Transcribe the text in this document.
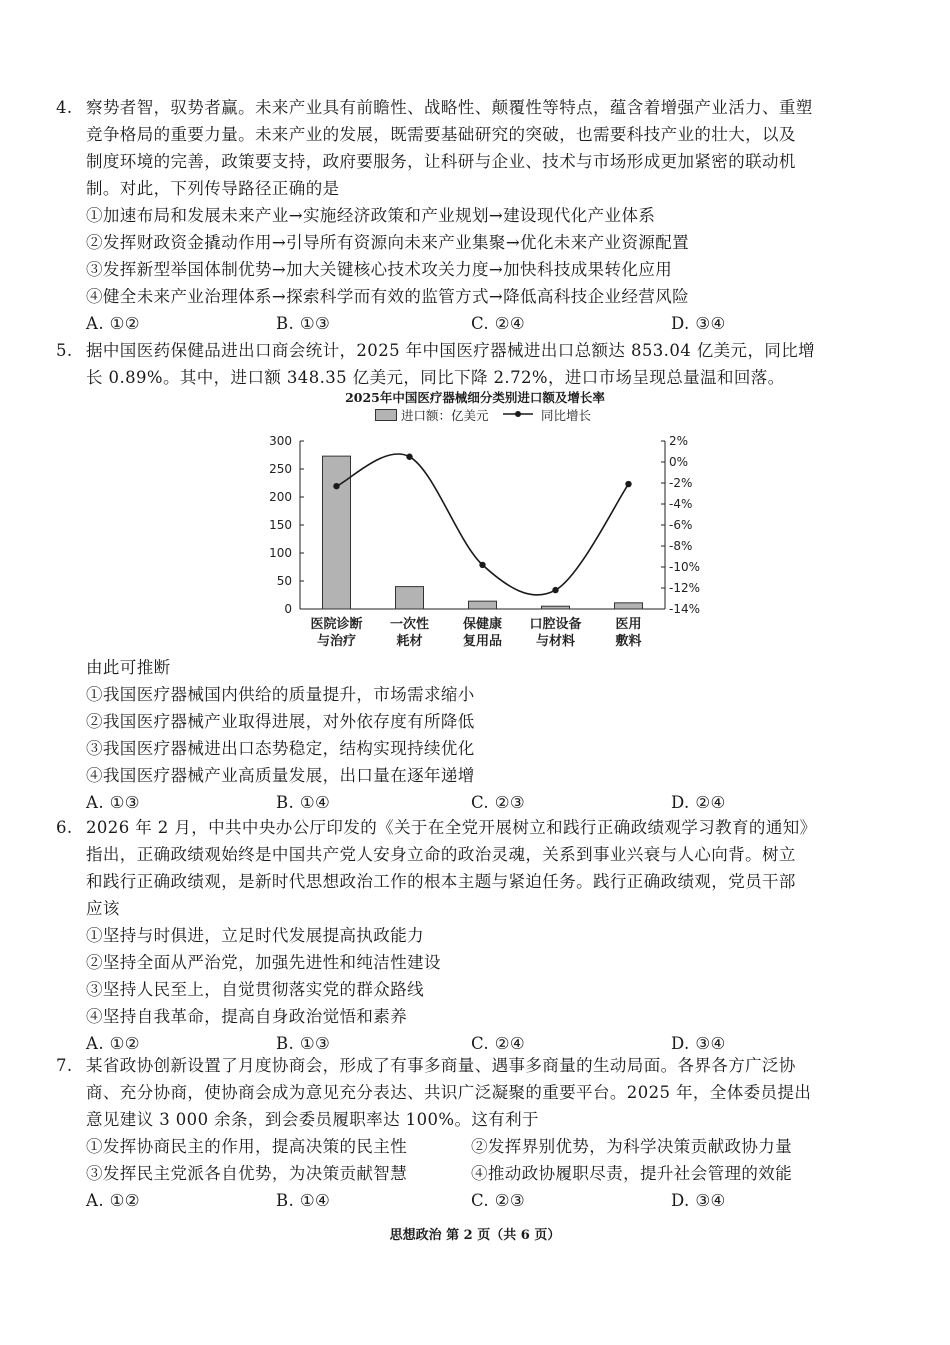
4. 察势者智，驭势者赢。未来产业具有前瞻性、战略性、颠覆性等特点，蕴含着增强产业活力、重塑
竞争格局的重要力量。未来产业的发展，既需要基础研究的突破，也需要科技产业的壮大，以及
制度环境的完善，政策要支持，政府要服务，让科研与企业、技术与市场形成更加紧密的联动机
制。对此，下列传导路径正确的是
①加速布局和发展未来产业→实施经济政策和产业规划→建设现代化产业体系
②发挥财政资金撬动作用→引导所有资源向未来产业集聚→优化未来产业资源配置
③发挥新型举国体制优势→加大关键核心技术攻关力度→加快科技成果转化应用
④健全未来产业治理体系→探索科学而有效的监管方式→降低高科技企业经营风险
A. ①②	B. ①③	C. ②④	D. ③④
5. 据中国医药保健品进出口商会统计，2025 年中国医疗器械进出口总额达 853.04 亿美元，同比增
长 0.89%。其中，进口额 348.35 亿美元，同比下降 2.72%，进口市场呈现总量温和回落。
2025年中国医疗器械细分类别进口额及增长率
进口额：亿美元	同比增长
300
250
200
150
100
50
0
2%
0%
-2%
-4%
-6%
-8%
-10%
-12%
-14%
医院诊断
与治疗
一次性
耗材
保健康
复用品
口腔设备
与材料
医用
敷料
由此可推断
①我国医疗器械国内供给的质量提升，市场需求缩小
②我国医疗器械产业取得进展，对外依存度有所降低
③我国医疗器械进出口态势稳定，结构实现持续优化
④我国医疗器械产业高质量发展，出口量在逐年递增
A. ①③	B. ①④	C. ②③	D. ②④
6. 2026 年 2 月，中共中央办公厅印发的《关于在全党开展树立和践行正确政绩观学习教育的通知》
指出，正确政绩观始终是中国共产党人安身立命的政治灵魂，关系到事业兴衰与人心向背。树立
和践行正确政绩观，是新时代思想政治工作的根本主题与紧迫任务。践行正确政绩观，党员干部
应该
①坚持与时俱进，立足时代发展提高执政能力
②坚持全面从严治党，加强先进性和纯洁性建设
③坚持人民至上，自觉贯彻落实党的群众路线
④坚持自我革命，提高自身政治觉悟和素养
A. ①②	B. ①③	C. ②④	D. ③④
7. 某省政协创新设置了月度协商会，形成了有事多商量、遇事多商量的生动局面。各界各方广泛协
商、充分协商，使协商会成为意见充分表达、共识广泛凝聚的重要平台。2025 年，全体委员提出
意见建议 3 000 余条，到会委员履职率达 100%。这有利于
①发挥协商民主的作用，提高决策的民主性	②发挥界别优势，为科学决策贡献政协力量
③发挥民主党派各自优势，为决策贡献智慧	④推动政协履职尽责，提升社会管理的效能
A. ①②	B. ①④	C. ②③	D. ③④
思想政治 第 2 页（共 6 页）
